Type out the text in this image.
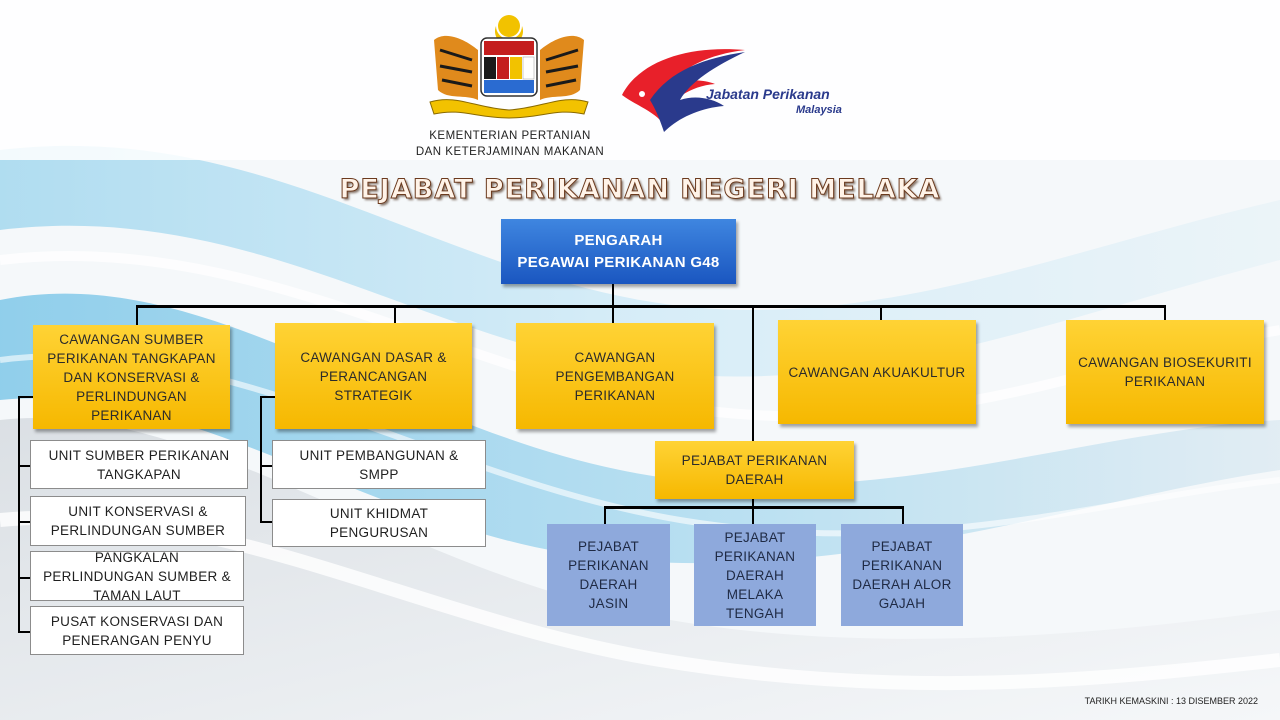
KEMENTERIAN PERTANIAN
DAN KETERJAMINAN MAKANAN
Jabatan Perikanan
Malaysia
PEJABAT PERIKANAN NEGERI MELAKA
PENGARAH
PEGAWAI PERIKANAN G48
CAWANGAN SUMBER PERIKANAN TANGKAPAN DAN KONSERVASI & PERLINDUNGAN PERIKANAN
CAWANGAN DASAR & PERANCANGAN STRATEGIK
CAWANGAN PENGEMBANGAN PERIKANAN
CAWANGAN AKUAKULTUR
CAWANGAN BIOSEKURITI PERIKANAN
UNIT SUMBER PERIKANAN TANGKAPAN
UNIT KONSERVASI & PERLINDUNGAN SUMBER
PANGKALAN PERLINDUNGAN SUMBER & TAMAN LAUT
PUSAT KONSERVASI DAN PENERANGAN PENYU
UNIT PEMBANGUNAN & SMPP
UNIT KHIDMAT PENGURUSAN
PEJABAT PERIKANAN DAERAH
PEJABAT PERIKANAN DAERAH JASIN
PEJABAT PERIKANAN DAERAH MELAKA TENGAH
PEJABAT PERIKANAN DAERAH ALOR GAJAH
TARIKH KEMASKINI : 13 DISEMBER 2022
